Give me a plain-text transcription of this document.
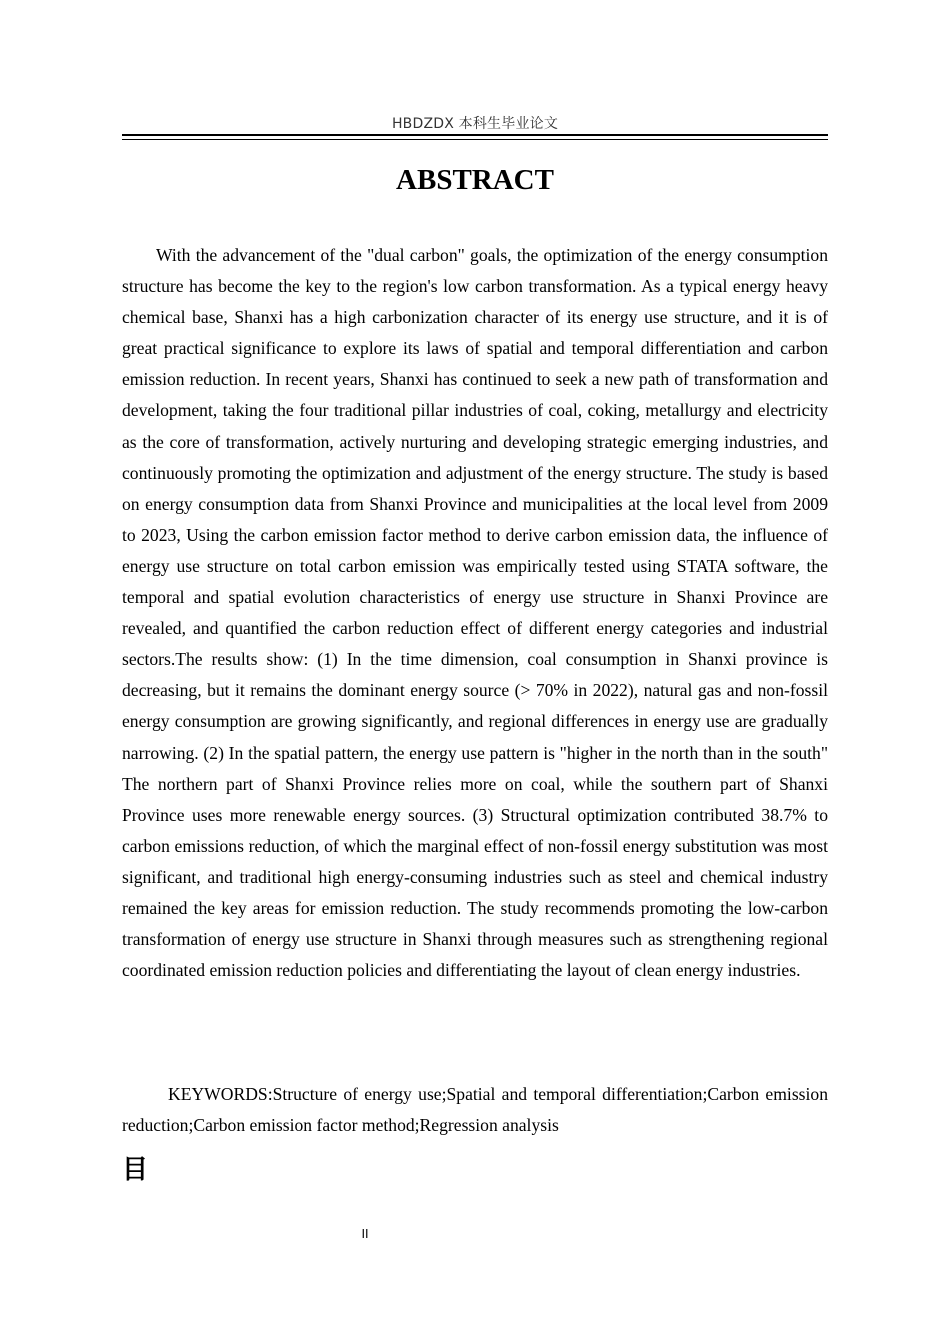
HBDZDX 本科生毕业论文
ABSTRACT

With the advancement of the "dual carbon" goals, the optimization of the energy consumption structure has become the key to the region's low carbon transformation. As a typical energy heavy chemical base, Shanxi has a high carbonization character of its energy use structure, and it is of great practical significance to explore its laws of spatial and temporal differentiation and carbon emission reduction. In recent years, Shanxi has continued to seek a new path of transformation and development, taking the four traditional pillar industries of coal, coking, metallurgy and electricity as the core of transformation, actively nurturing and developing strategic emerging industries, and continuously promoting the optimization and adjustment of the energy structure. The study is based on energy consumption data from Shanxi Province and municipalities at the local level from 2009 to 2023, Using the carbon emission factor method to derive carbon emission data, the influence of energy use structure on total carbon emission was empirically tested using STATA software, the temporal and spatial evolution characteristics of energy use structure in Shanxi Province are revealed, and quantified the carbon reduction effect of different energy categories and industrial sectors.The results show: (1) In the time dimension, coal consumption in Shanxi province is decreasing, but it remains the dominant energy source (> 70% in 2022), natural gas and non-fossil energy consumption are growing significantly, and regional differences in energy use are gradually narrowing. (2) In the spatial pattern, the energy use pattern is "higher in the north than in the south" The northern part of Shanxi Province relies more on coal, while the southern part of Shanxi Province uses more renewable energy sources. (3) Structural optimization contributed 38.7% to carbon emissions reduction, of which the marginal effect of non-fossil energy substitution was most significant, and traditional high energy-consuming industries such as steel and chemical industry remained the key areas for emission reduction. The study recommends promoting the low-carbon transformation of energy use structure in Shanxi through measures such as strengthening regional coordinated emission reduction policies and differentiating the layout of clean energy industries.

KEYWORDS:Structure of energy use;Spatial and temporal differentiation;Carbon emission reduction;Carbon emission factor method;Regression analysis

目
II
